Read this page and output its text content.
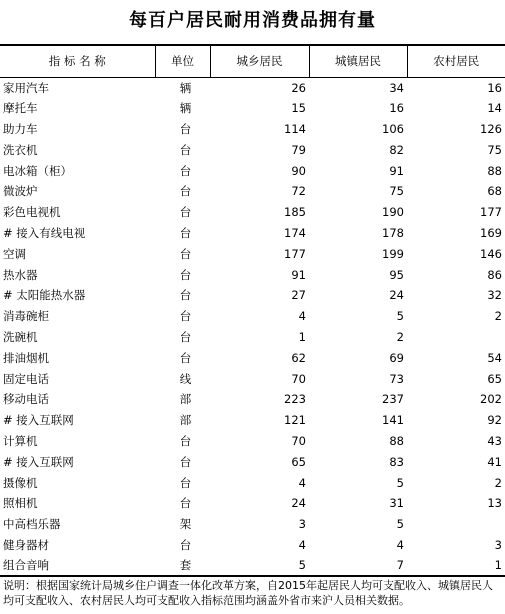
每百户居民耐用消费品拥有量
指 标 名 称	单位	城乡居民	城镇居民	农村居民
家用汽车	辆	26	34	16
摩托车	辆	15	16	14
助力车	台	114	106	126
洗衣机	台	79	82	75
电冰箱（柜）	台	90	91	88
微波炉	台	72	75	68
彩色电视机	台	185	190	177
# 接入有线电视	台	174	178	169
空调	台	177	199	146
热水器	台	91	95	86
# 太阳能热水器	台	27	24	32
消毒碗柜	台	4	5	2
洗碗机	台	1	2	
排油烟机	台	62	69	54
固定电话	线	70	73	65
移动电话	部	223	237	202
# 接入互联网	部	121	141	92
计算机	台	70	88	43
# 接入互联网	台	65	83	41
摄像机	台	4	5	2
照相机	台	24	31	13
中高档乐器	架	3	5	
健身器材	台	4	4	3
组合音响	套	5	7	1
说明：根据国家统计局城乡住户调查一体化改革方案，自2015年起居民人均可支配收入、城镇居民人均可支配收入、农村居民人均可支配收入指标范围均涵盖外省市来沪人员相关数据。
